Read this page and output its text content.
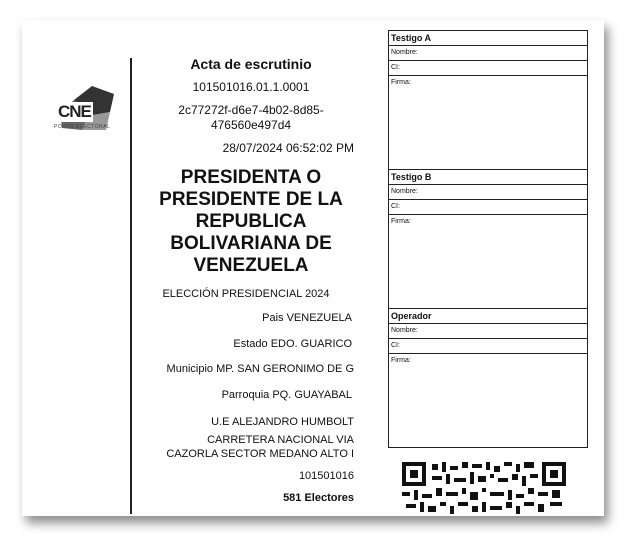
CNE
PODER ELECTORAL
Acta de escrutinio
101501016.01.1.0001
2c77272f-d6e7-4b02-8d85-
476560e497d4
28/07/2024 06:52:02 PM
PRESIDENTA O
PRESIDENTE DE LA
REPUBLICA
BOLIVARIANA DE
VENEZUELA
ELECCIÓN PRESIDENCIAL 2024
Pais VENEZUELA
Estado EDO. GUARICO
Municipio MP. SAN GERONIMO DE G
Parroquia PQ. GUAYABAL
U.E ALEJANDRO HUMBOLT
CARRETERA NACIONAL VIA
CAZORLA SECTOR MEDANO ALTO I
101501016
581 Electores
Testigo A
Nombre:
CI:
Firma:
Testigo B
Nombre:
CI:
Firma:
Operador
Nombre:
CI:
Firma:
